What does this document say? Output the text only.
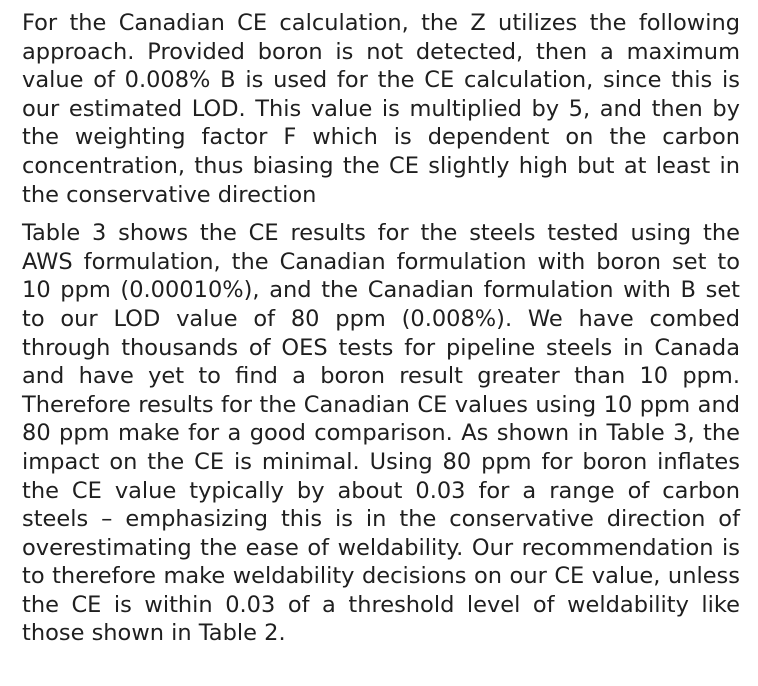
For the Canadian CE calculation, the Z utilizes the following approach. Provided boron is not detected, then a maximum value of 0.008% B is used for the CE calculation, since this is our estimated LOD. This value is multiplied by 5, and then by the weighting factor F which is dependent on the carbon concentration, thus biasing the CE slightly high but at least in the conservative direction

Table 3 shows the CE results for the steels tested using the AWS formulation, the Canadian formulation with boron set to 10 ppm (0.00010%), and the Canadian formulation with B set to our LOD value of 80 ppm (0.008%). We have combed through thousands of OES tests for pipeline steels in Canada and have yet to find a boron result greater than 10 ppm. Therefore results for the Canadian CE values using 10 ppm and 80 ppm make for a good comparison. As shown in Table 3, the impact on the CE is minimal. Using 80 ppm for boron inflates the CE value typically by about 0.03 for a range of carbon steels – emphasizing this is in the conservative direction of overestimating the ease of weldability. Our recommendation is to therefore make weldability decisions on our CE value, unless the CE is within 0.03 of a threshold level of weldability like those shown in Table 2.
